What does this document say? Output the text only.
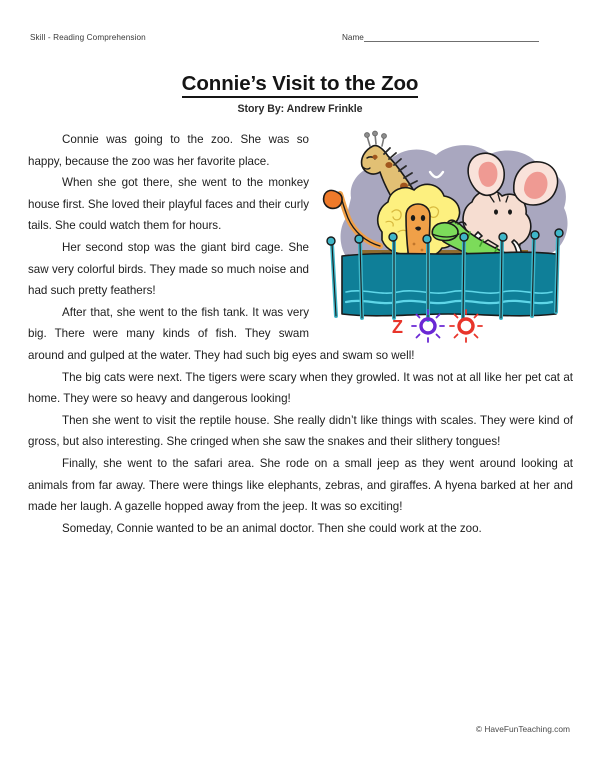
Skill - Reading Comprehension	Name
Connie’s Visit to the Zoo
Story By: Andrew Frinkle

Connie was going to the zoo. She was so happy, because the zoo was her favorite place.

When she got there, she went to the monkey house first. She loved their playful faces and their curly tails. She could watch them for hours.

Her second stop was the giant bird cage. She saw very colorful birds. They made so much noise and had such pretty feathers!

After that, she went to the fish tank. It was very big. There were many kinds of fish. They swam around and gulped at the water. They had such big eyes and swam so well!

The big cats were next. The tigers were scary when they growled. It was not at all like her pet cat at home. They were so heavy and dangerous looking!

Then she went to visit the reptile house. She really didn’t like things with scales. They were kind of gross, but also interesting. She cringed when she saw the snakes and their slithery tongues!

Finally, she went to the safari area. She rode on a small jeep as they went around looking at animals from far away. There were things like elephants, zebras, and giraffes. A hyena barked at her and made her laugh. A gazelle hopped away from the jeep. It was so exciting!

Someday, Connie wanted to be an animal doctor. Then she could work at the zoo.

Z
© HaveFunTeaching.com
